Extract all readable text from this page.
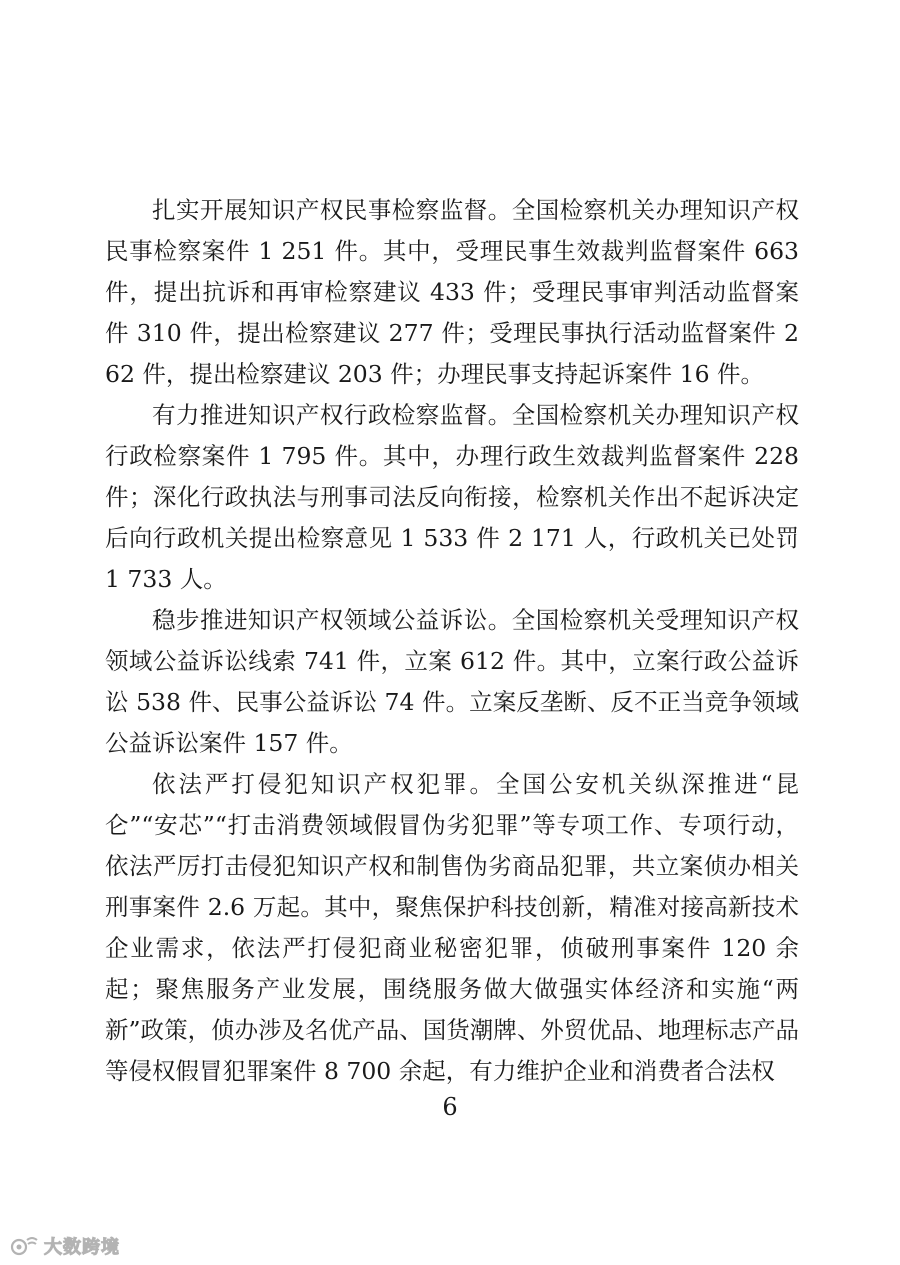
扎实开展知识产权民事检察监督。全国检察机关办理知识产权民事检察案件 1 251 件。其中，受理民事生效裁判监督案件 663 件，提出抗诉和再审检察建议 433 件；受理民事审判活动监督案件 310 件，提出检察建议 277 件；受理民事执行活动监督案件 262 件，提出检察建议 203 件；办理民事支持起诉案件 16 件。

有力推进知识产权行政检察监督。全国检察机关办理知识产权行政检察案件 1 795 件。其中，办理行政生效裁判监督案件 228 件；深化行政执法与刑事司法反向衔接，检察机关作出不起诉决定后向行政机关提出检察意见 1 533 件 2 171 人，行政机关已处罚 1 733 人。

稳步推进知识产权领域公益诉讼。全国检察机关受理知识产权领域公益诉讼线索 741 件，立案 612 件。其中，立案行政公益诉讼 538 件、民事公益诉讼 74 件。立案反垄断、反不正当竞争领域公益诉讼案件 157 件。

依法严打侵犯知识产权犯罪。全国公安机关纵深推进“昆仑”“安芯”“打击消费领域假冒伪劣犯罪”等专项工作、专项行动，依法严厉打击侵犯知识产权和制售伪劣商品犯罪，共立案侦办相关刑事案件 2.6 万起。其中，聚焦保护科技创新，精准对接高新技术企业需求，依法严打侵犯商业秘密犯罪，侦破刑事案件 120 余起；聚焦服务产业发展，围绕服务做大做强实体经济和实施“两新”政策，侦办涉及名优产品、国货潮牌、外贸优品、地理标志产品等侵权假冒犯罪案件 8 700 余起，有力维护企业和消费者合法权

6
大数跨境
